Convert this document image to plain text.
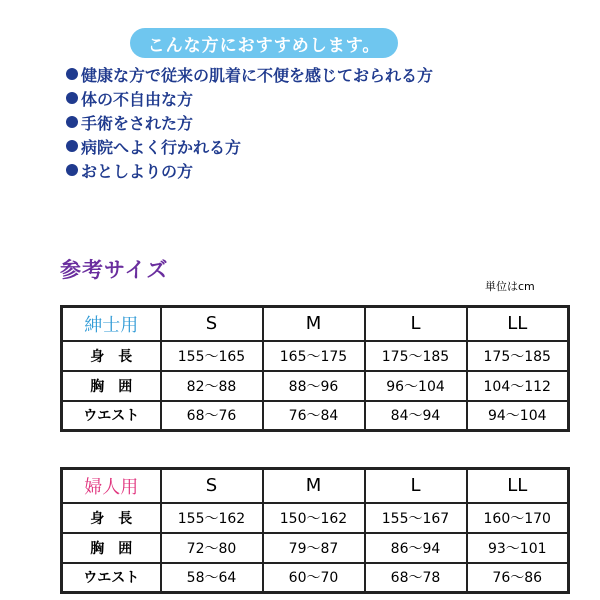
こんな方におすすめします。
健康な方で従来の肌着に不便を感じておられる方
体の不自由な方
手術をされた方
病院へよく行かれる方
おとしよりの方
参考サイズ
単位はcm
紳士用	S	M	L	LL
身　長	155～165	165～175	175～185	175～185
胸　囲	82～88	88～96	96～104	104～112
ウエスト	68～76	76～84	84～94	94～104
婦人用	S	M	L	LL
身　長	155～162	150～162	155～167	160～170
胸　囲	72～80	79～87	86～94	93～101
ウエスト	58～64	60～70	68～78	76～86
